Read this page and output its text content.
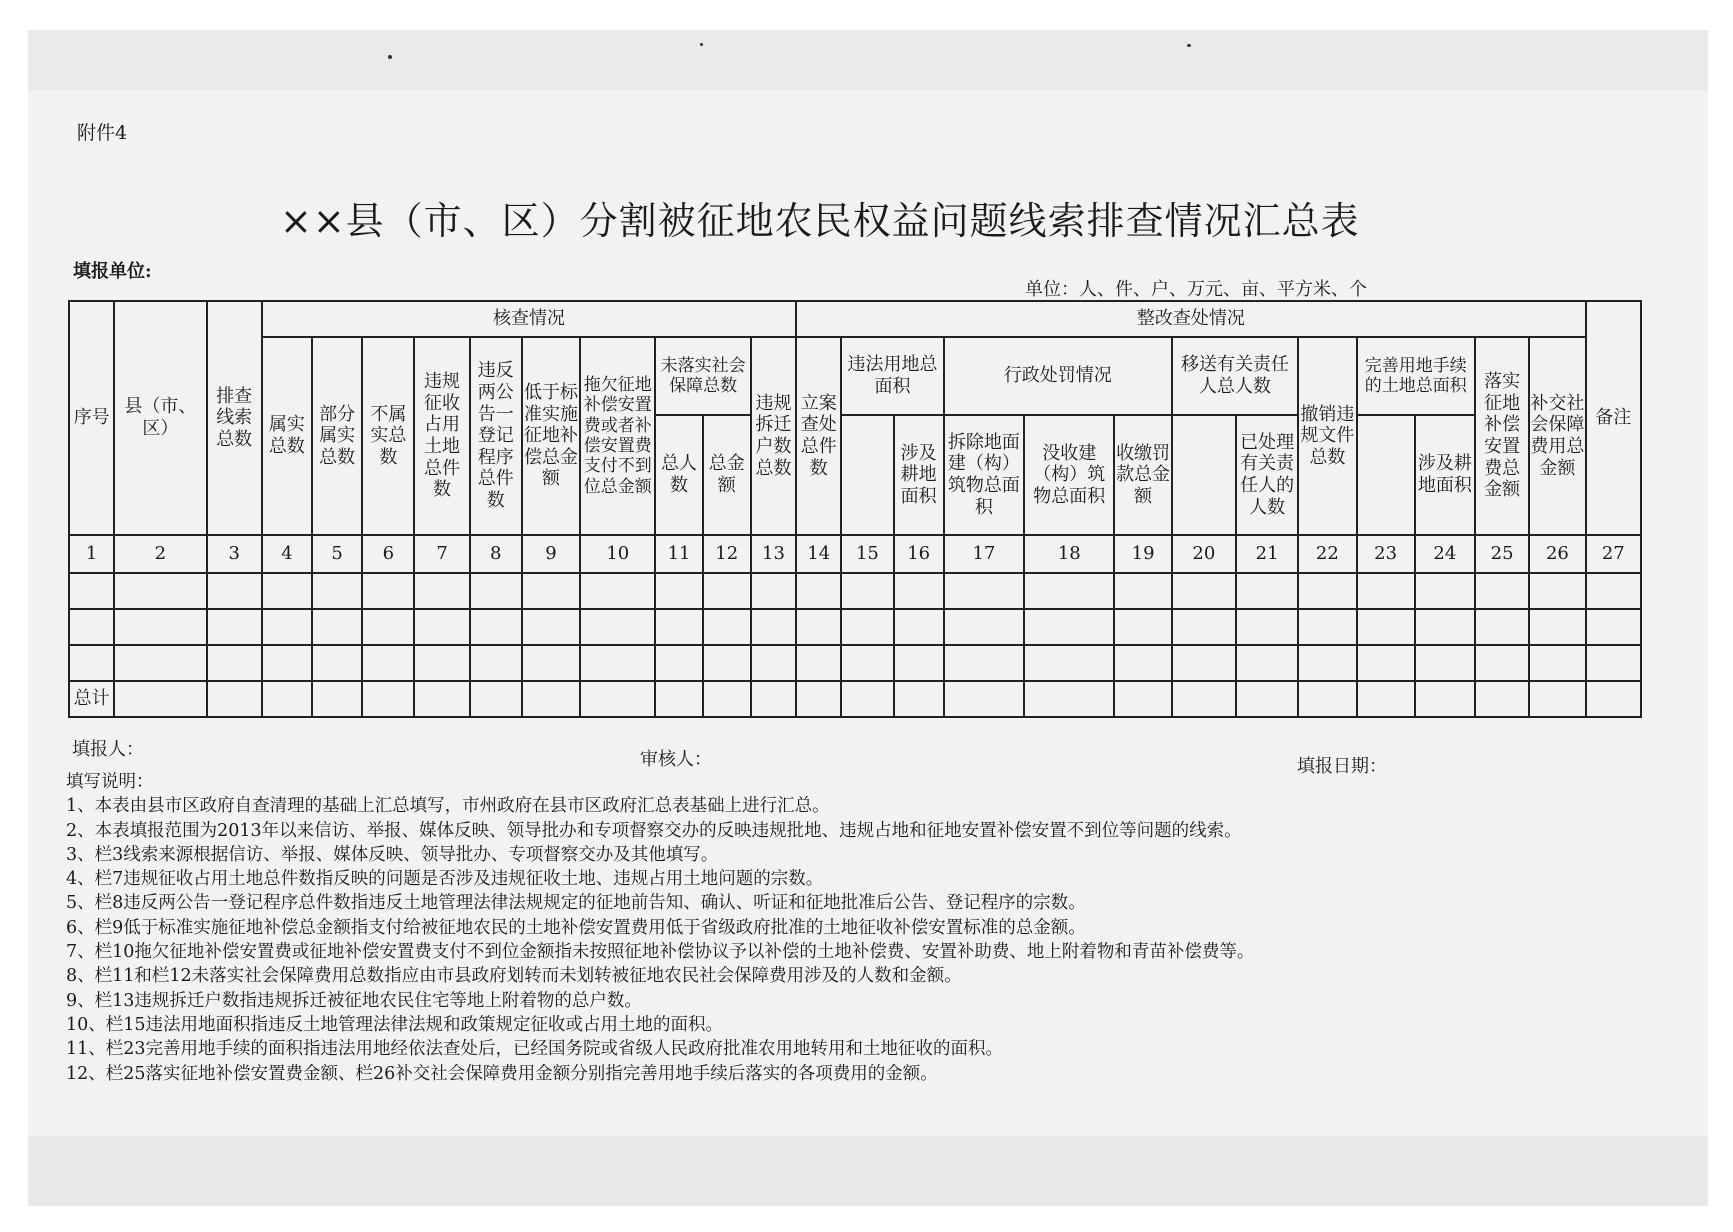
附件4
××县（市、区）分割被征地农民权益问题线索排查情况汇总表
填报单位:
单位：人、件、户、万元、亩、平方米、个
序号	县（市、区）	排查线索总数	核查情况										整改查处情况													备注
			属实总数	部分属实总数	不属实总数	违规征收占用土地总件数	违反两公告一登记程序总件数	低于标准实施征地补偿总金额	拖欠征地补偿安置费或者补偿安置费支付不到位总金额	未落实社会保障总数		违规拆迁户数总数	立案查处总件数	违法用地总面积		行政处罚情况			移送有关责任人总人数		撤销违规文件总数	完善用地手续的土地总面积		落实征地补偿安置费总金额	补交社会保障费用总金额	
										总人数	总金额				涉及耕地面积	拆除地面建（构）筑物总面积	没收建（构）筑物总面积	收缴罚款总金额		已处理有关责任人的人数			涉及耕地面积			

1	2	3	4	5	6	7	8	9	10	11	12	13	14	15	16	17	18	19	20	21	22	23	24	25	26	27

总计																										
填报人：	审核人：	填报日期：
填写说明：
1、本表由县市区政府自查清理的基础上汇总填写，市州政府在县市区政府汇总表基础上进行汇总。
2、本表填报范围为2013年以来信访、举报、媒体反映、领导批办和专项督察交办的反映违规批地、违规占地和征地安置补偿安置不到位等问题的线索。
3、栏3线索来源根据信访、举报、媒体反映、领导批办、专项督察交办及其他填写。
4、栏7违规征收占用土地总件数指反映的问题是否涉及违规征收土地、违规占用土地问题的宗数。
5、栏8违反两公告一登记程序总件数指违反土地管理法律法规规定的征地前告知、确认、听证和征地批准后公告、登记程序的宗数。
6、栏9低于标准实施征地补偿总金额指支付给被征地农民的土地补偿安置费用低于省级政府批准的土地征收补偿安置标准的总金额。
7、栏10拖欠征地补偿安置费或征地补偿安置费支付不到位金额指未按照征地补偿协议予以补偿的土地补偿费、安置补助费、地上附着物和青苗补偿费等。
8、栏11和栏12未落实社会保障费用总数指应由市县政府划转而未划转被征地农民社会保障费用涉及的人数和金额。
9、栏13违规拆迁户数指违规拆迁被征地农民住宅等地上附着物的总户数。
10、栏15违法用地面积指违反土地管理法律法规和政策规定征收或占用土地的面积。
11、栏23完善用地手续的面积指违法用地经依法查处后，已经国务院或省级人民政府批准农用地转用和土地征收的面积。
12、栏25落实征地补偿安置费金额、栏26补交社会保障费用金额分别指完善用地手续后落实的各项费用的金额。
